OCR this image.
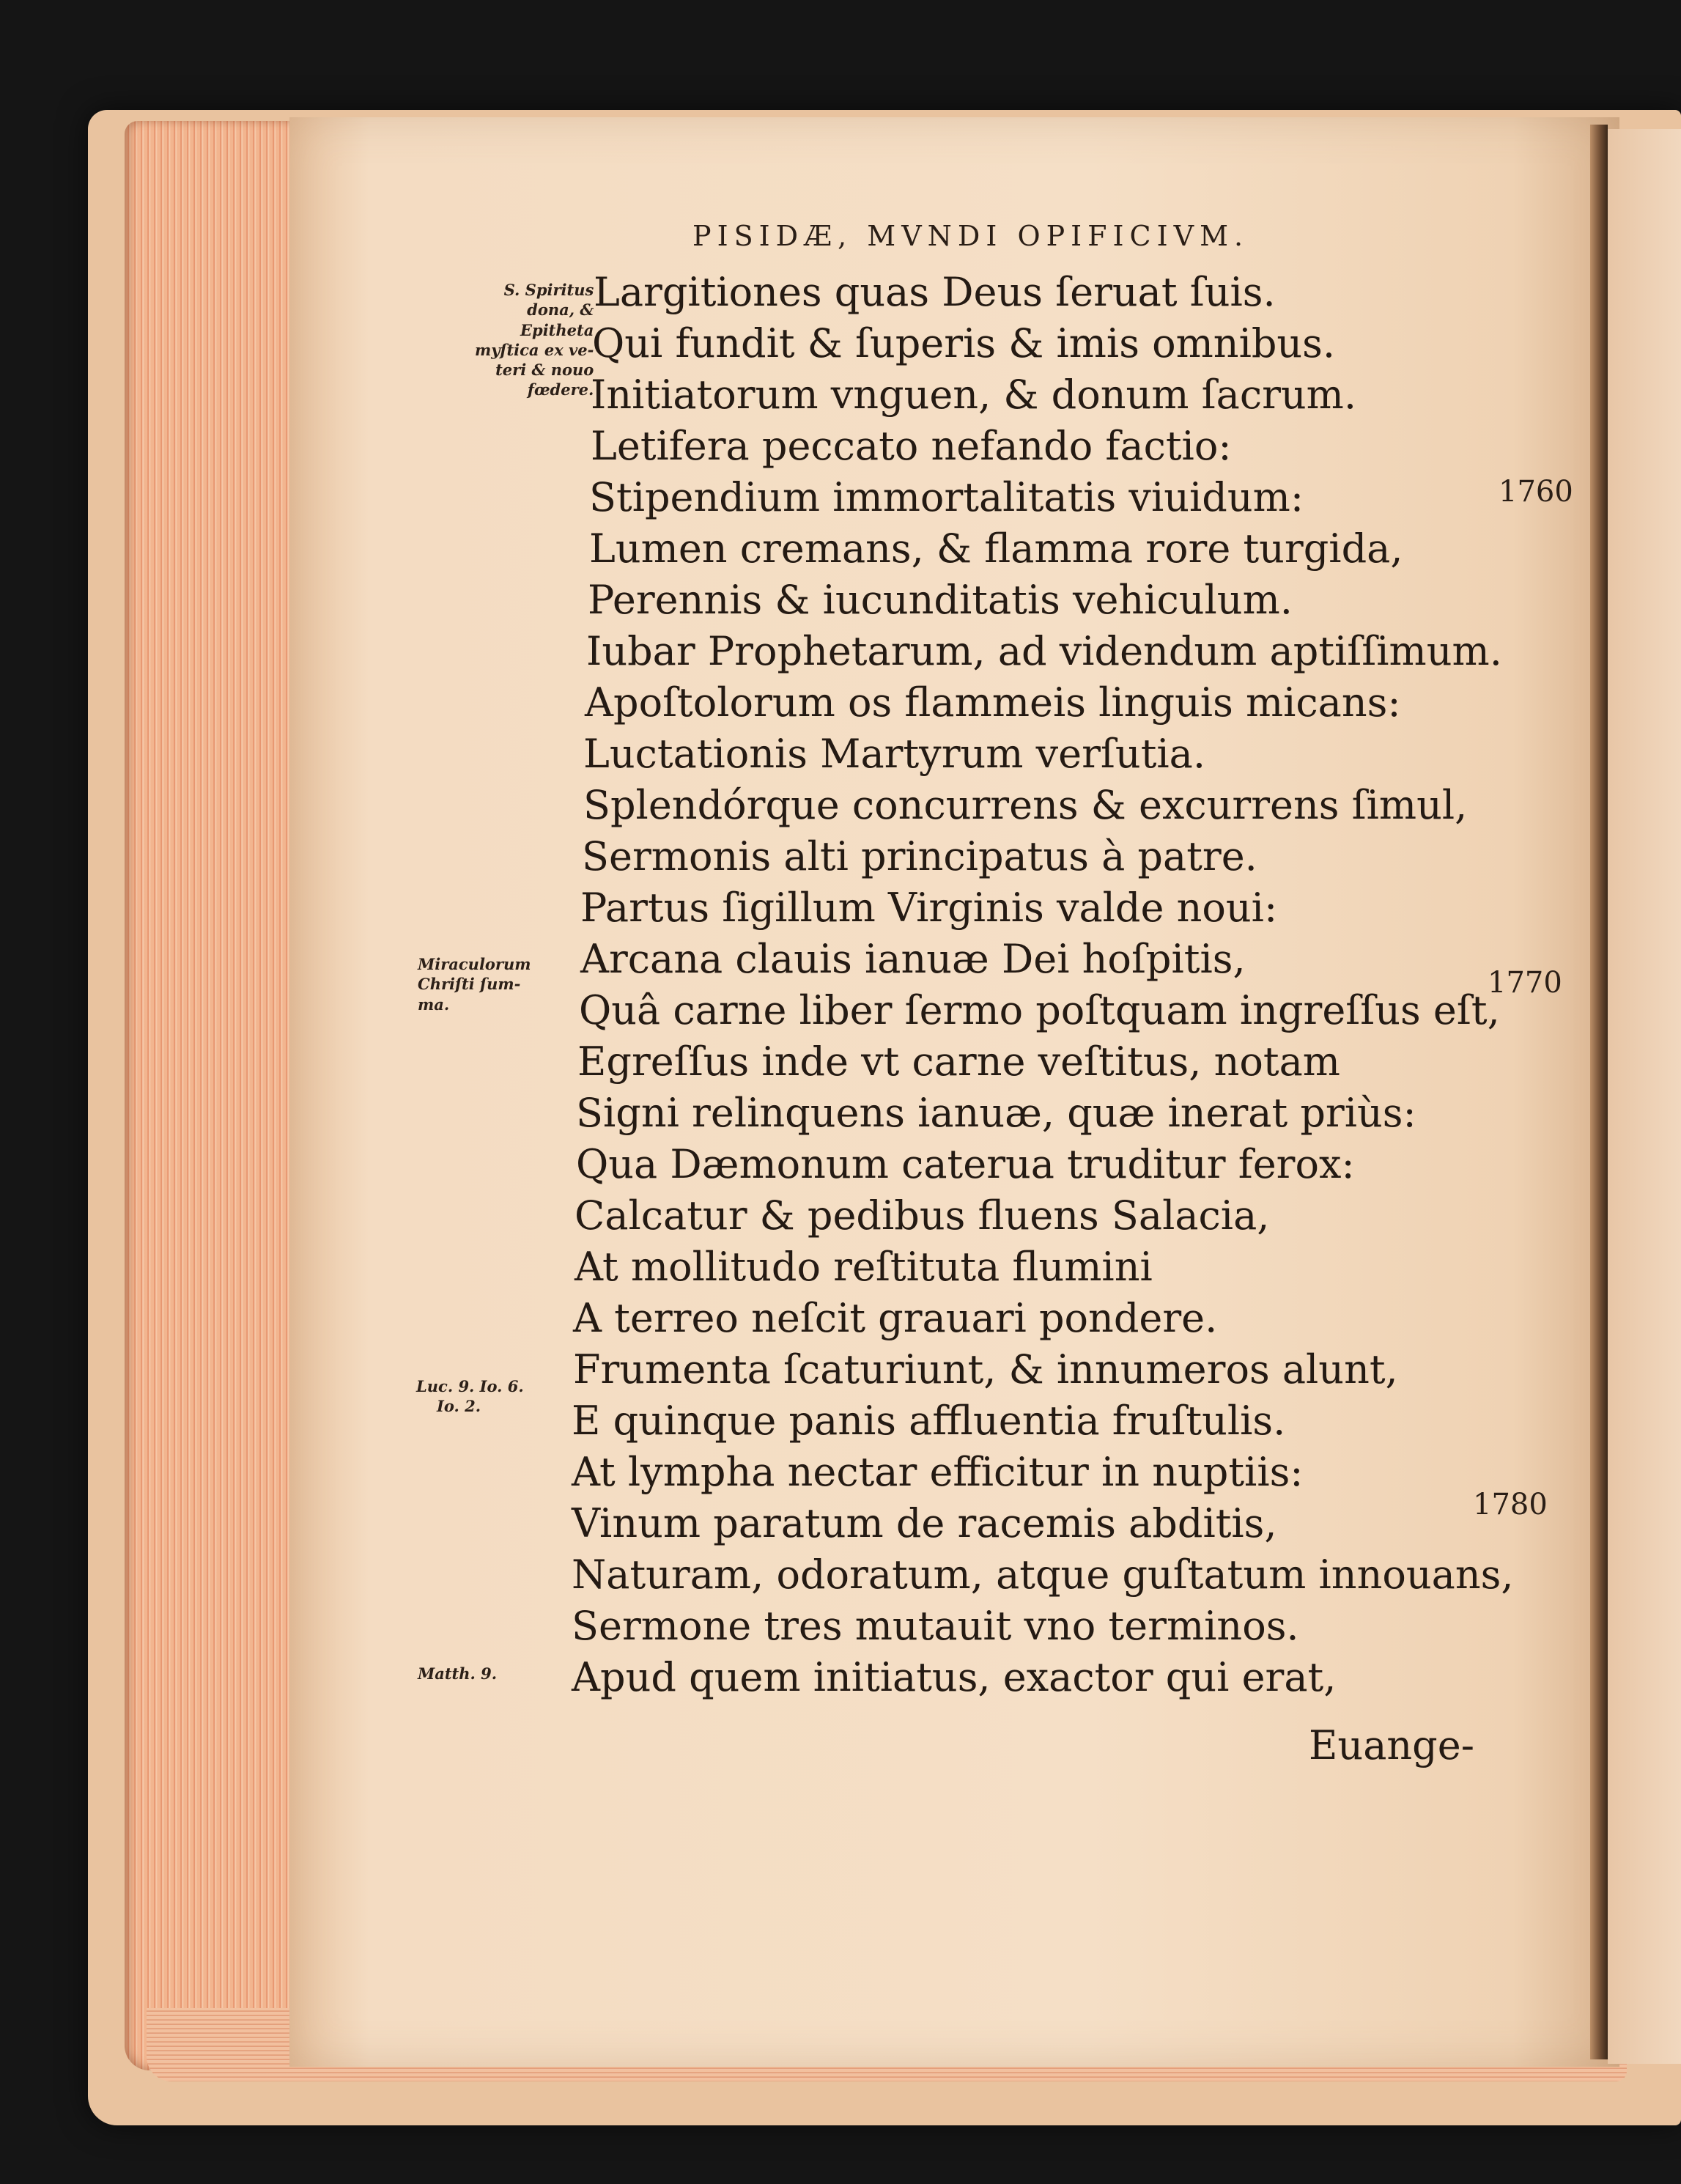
PISIDÆ, MVNDI OPIFICIVM.
Largitiones quas Deus ſeruat ſuis.
Qui fundit & ſuperis & imis omnibus.
Initiatorum vnguen, & donum ſacrum.
Letifera peccato nefando factio:
Stipendium immortalitatis viuidum:
Lumen cremans, & flamma rore turgida,
Perennis & iucunditatis vehiculum.
Iubar Prophetarum, ad videndum aptiſſimum.
Apoſtolorum os flammeis linguis micans:
Luctationis Martyrum verſutia.
Splendórque concurrens & excurrens ſimul,
Sermonis alti principatus à patre.
Partus ſigillum Virginis valde noui:
Arcana clauis ianuæ Dei hoſpitis,
Quâ carne liber ſermo poſtquam ingreſſus eſt,
Egreſſus inde vt carne veſtitus, notam
Signi relinquens ianuæ, quæ inerat priùs:
Qua Dæmonum caterua truditur ferox:
Calcatur & pedibus fluens Salacia,
At mollitudo reſtituta flumini
A terreo neſcit grauari pondere.
Frumenta ſcaturiunt, & innumeros alunt,
E quinque panis affluentia fruſtulis.
At lympha nectar efficitur in nuptiis:
Vinum paratum de racemis abditis,
Naturam, odoratum, atque guſtatum innouans,
Sermone tres mutauit vno terminos.
Apud quem initiatus, exactor qui erat,
S. Spiritus
dona, &
Epitheta
myſtica ex ve-
teri & nouo
fœdere.
Miraculorum
Chriſti ſum-
ma.
Luc. 9. Io. 6.
Io. 2.
Matth. 9.
1760
1770
1780
Euange-
